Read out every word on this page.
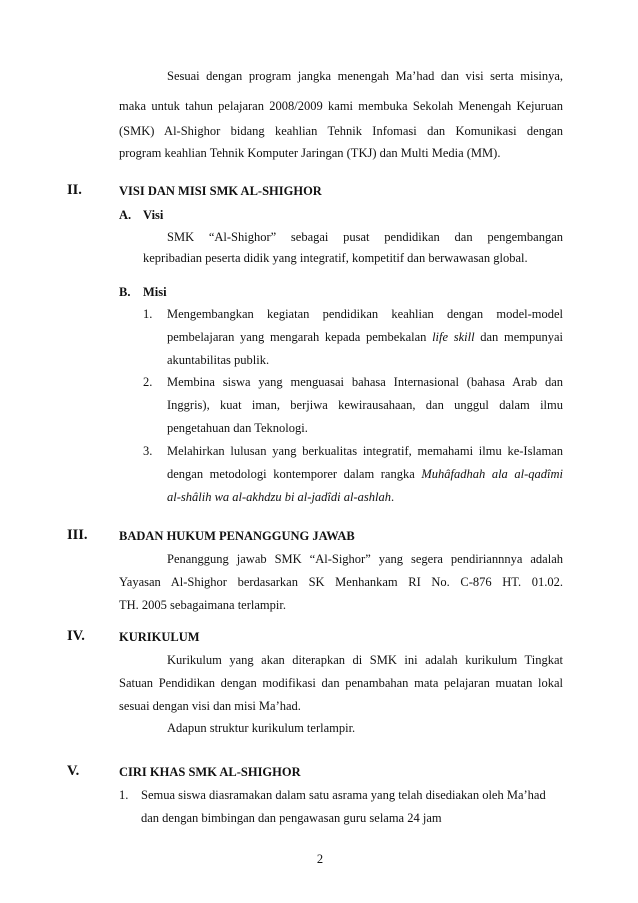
Sesuai dengan program jangka menengah Ma’had dan visi serta misinya,
maka untuk tahun pelajaran 2008/2009 kami membuka Sekolah Menengah Kejuruan
(SMK) Al-Shighor bidang keahlian Tehnik Infomasi dan Komunikasi dengan
program keahlian Tehnik Komputer Jaringan (TKJ) dan Multi Media (MM).
II.	VISI DAN MISI SMK AL-SHIGHOR
A. Visi
SMK “Al-Shighor” sebagai pusat pendidikan dan pengembangan
kepribadian peserta didik yang integratif, kompetitif dan berwawasan global.
B. Misi
1. Mengembangkan kegiatan pendidikan keahlian dengan model-model
pembelajaran yang mengarah kepada pembekalan life skill dan mempunyai
akuntabilitas publik.
2. Membina siswa yang menguasai bahasa Internasional (bahasa Arab dan
Inggris), kuat iman, berjiwa kewirausahaan, dan unggul dalam ilmu
pengetahuan dan Teknologi.
3. Melahirkan lulusan yang berkualitas integratif, memahami ilmu ke-Islaman
dengan metodologi kontemporer dalam rangka Muhâfadhah ala al-qadîmi
al-shâlih wa al-akhdzu bi al-jadîdi al-ashlah.
III.	BADAN HUKUM PENANGGUNG JAWAB
Penanggung jawab SMK “Al-Sighor” yang segera pendiriannnya adalah
Yayasan Al-Shighor berdasarkan SK Menhankam RI No. C-876 HT. 01.02.
TH. 2005 sebagaimana terlampir.
IV.	KURIKULUM
Kurikulum yang akan diterapkan di SMK ini adalah kurikulum Tingkat
Satuan Pendidikan dengan modifikasi dan penambahan mata pelajaran muatan lokal
sesuai dengan visi dan misi Ma’had.
Adapun struktur kurikulum terlampir.
V.	CIRI KHAS SMK AL-SHIGHOR
1. Semua siswa diasramakan dalam satu asrama yang telah disediakan oleh Ma’had
dan dengan bimbingan dan pengawasan guru selama 24 jam
2
